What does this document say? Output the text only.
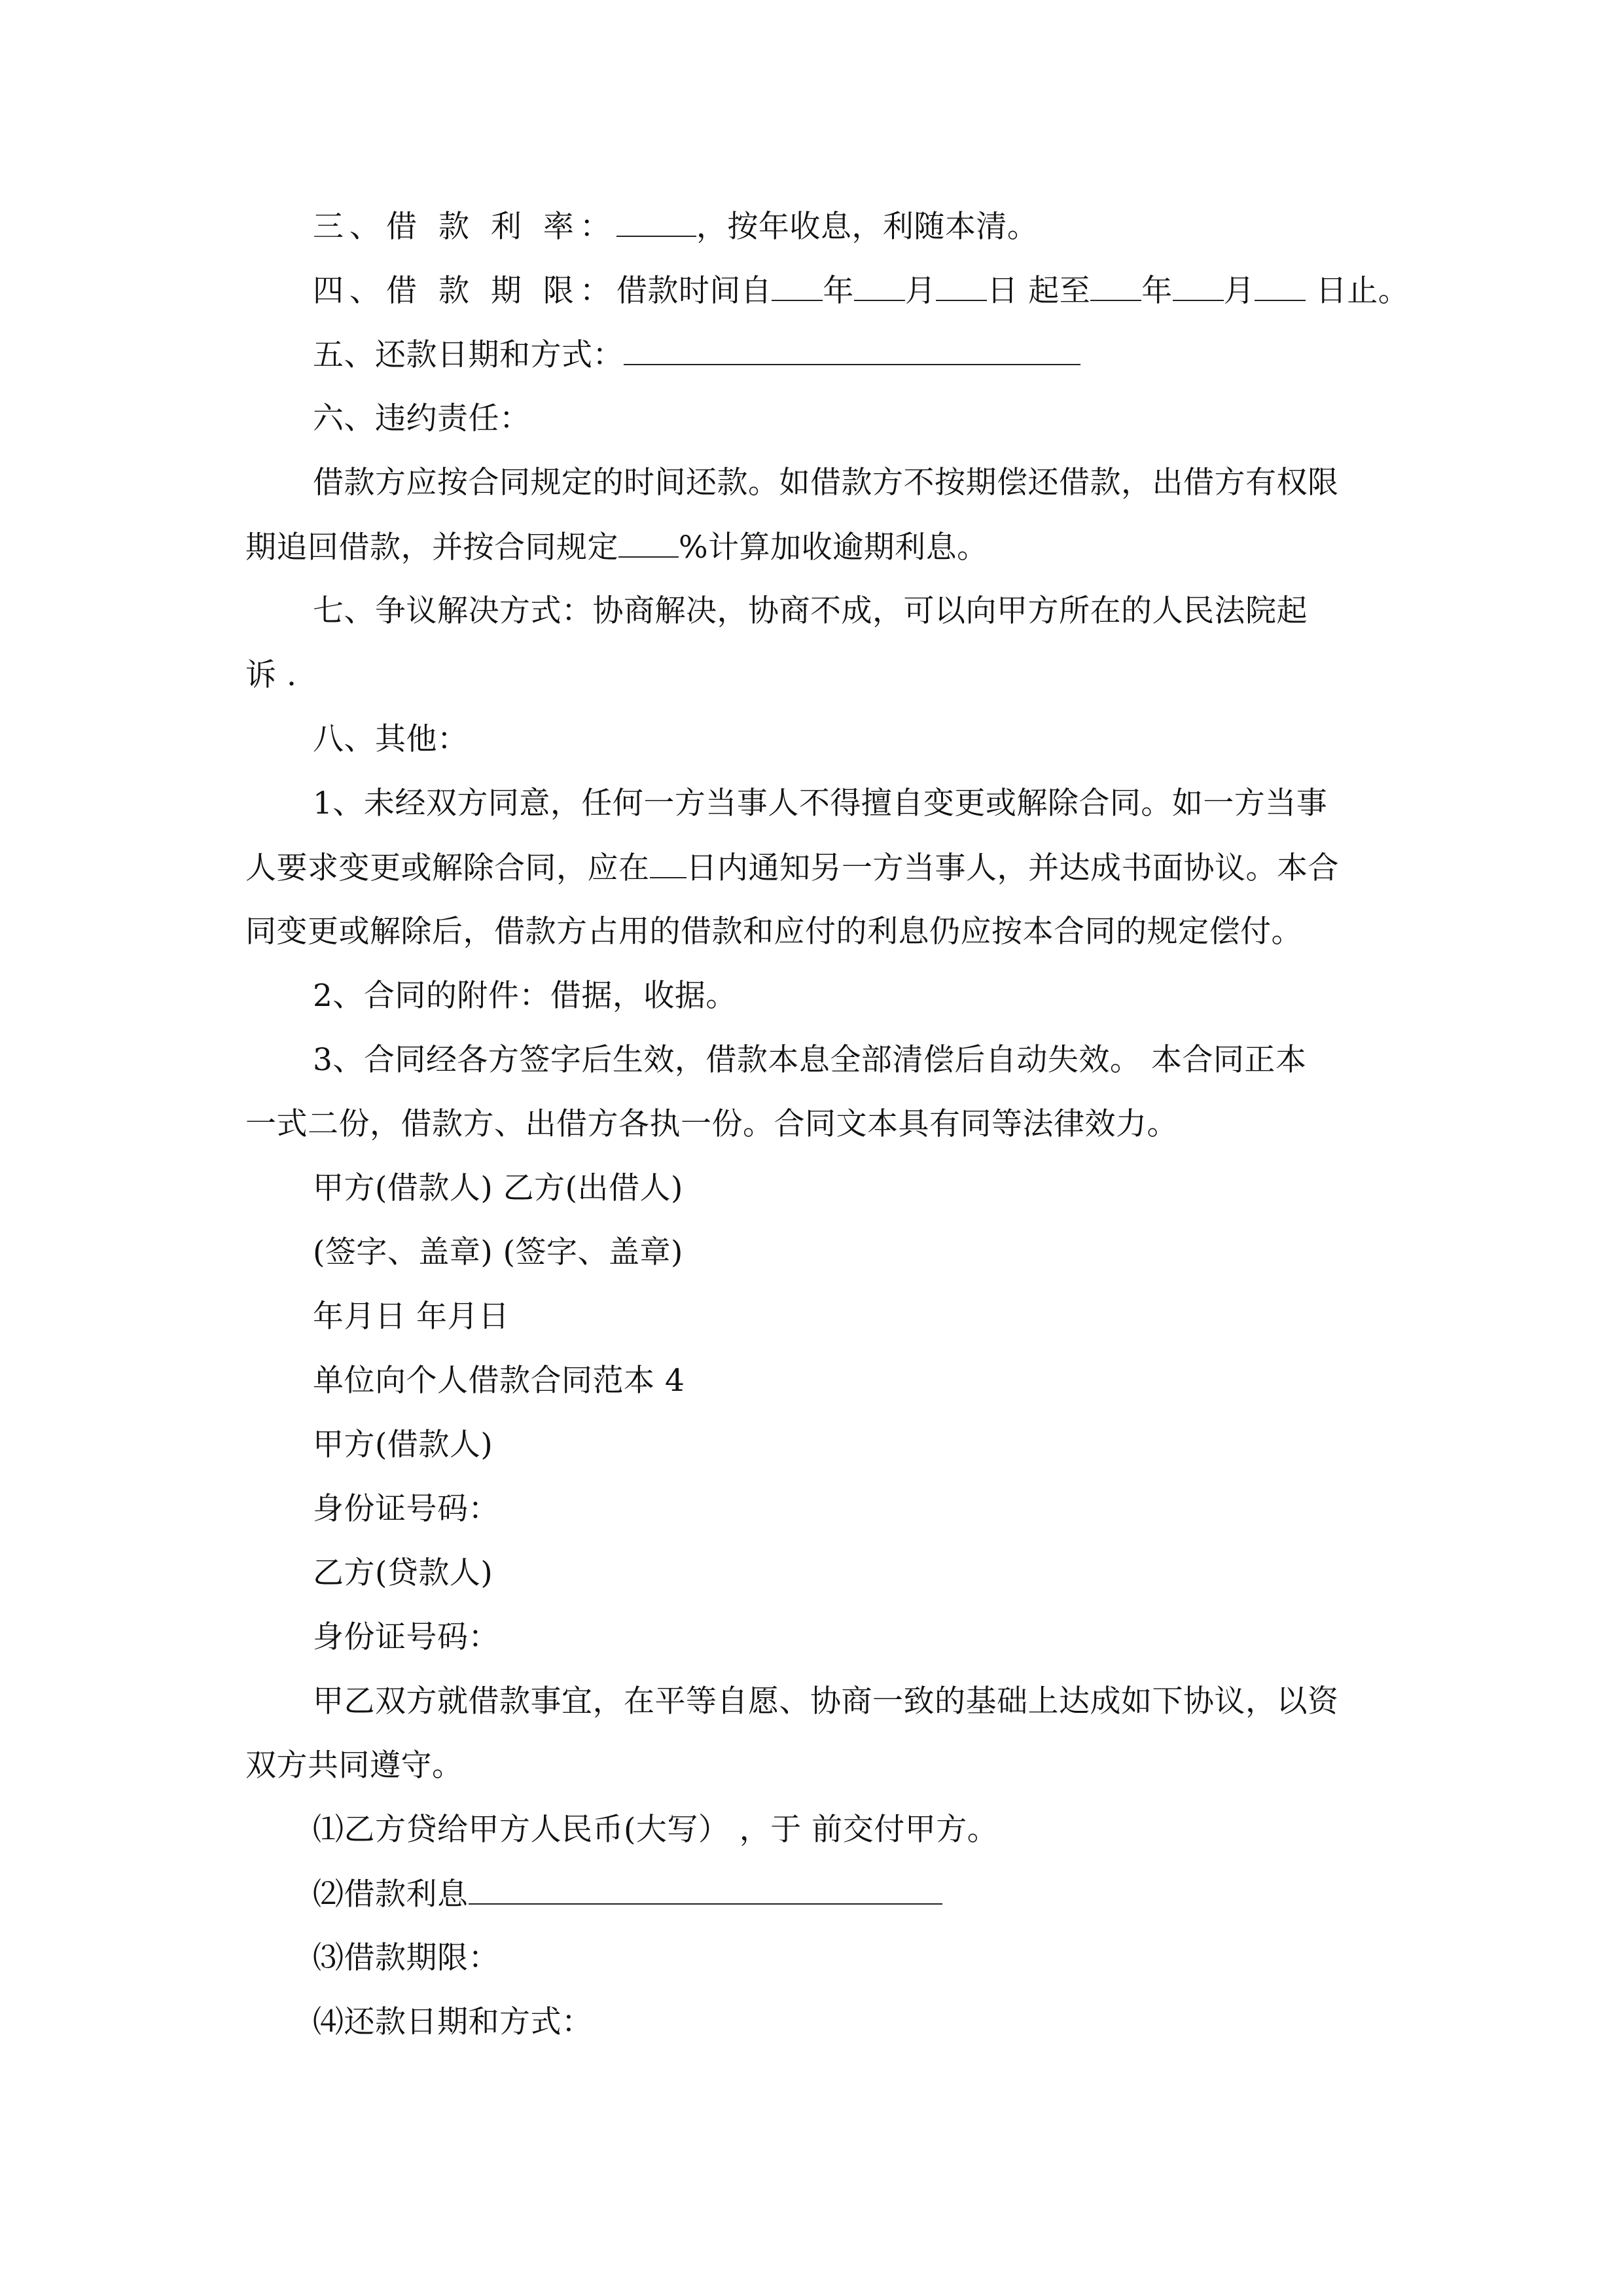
三、借 款 利 率：	，按年收息，利随本清。

四、借 款 期 限：借款时间自 年 月 日 起至 年 月 日止。

五、还款日期和方式：

六、违约责任：

借款方应按合同规定的时间还款。如借款方不按期偿还借款，出借方有权限

期追回借款，并按合同规定 %计算加收逾期利息。

七、争议解决方式：协商解决，协商不成，可以向甲方所在的人民法院起

诉 .

八、其他：

1、未经双方同意，任何一方当事人不得擅自变更或解除合同。如一方当事

人要求变更或解除合同，应在 日内通知另一方当事人，并达成书面协议。本合

同变更或解除后，借款方占用的借款和应付的利息仍应按本合同的规定偿付。

2、合同的附件：借据，收据。

3、合同经各方签字后生效，借款本息全部清偿后自动失效。 本合同正本

一式二份，借款方、出借方各执一份。合同文本具有同等法律效力。

甲方(借款人) 乙方(出借人)

(签字、盖章) (签字、盖章)

年月日 年月日

单位向个人借款合同范本 4

甲方(借款人)

身份证号码：

乙方(贷款人)

身份证号码：

甲乙双方就借款事宜，在平等自愿、协商一致的基础上达成如下协议，以资

双方共同遵守。

⑴乙方贷给甲方人民币(大写） ，于 前交付甲方。

⑵借款利息

⑶借款期限：

⑷还款日期和方式：
